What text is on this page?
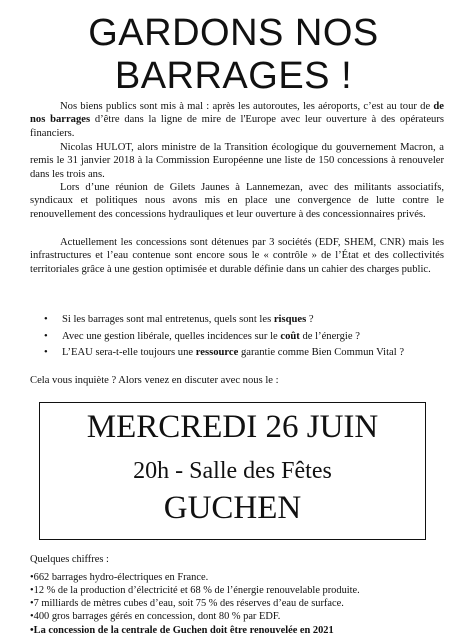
GARDONS NOS
BARRAGES !

Nos biens publics sont mis à mal : après les autoroutes, les aéroports, c’est au tour de de nos barrages d’être dans la ligne de mire de l'Europe avec leur ouverture à des opérateurs financiers.

Nicolas HULOT, alors ministre de la Transition écologique du gouvernement Macron, a remis le 31 janvier 2018 à la Commission Européenne une liste de 150 concessions à renouveler dans les trois ans.

Lors d’une réunion de Gilets Jaunes à Lannemezan, avec des militants associatifs, syndicaux et politiques nous avons mis en place une convergence de lutte contre le renouvellement des concessions hydrauliques et leur ouverture à des concessionnaires privés.

Actuellement les concessions sont détenues par 3 sociétés (EDF, SHEM, CNR) mais les infrastructures et l’eau contenue sont encore sous le « contrôle » de l’État et des collectivités territoriales grâce à une gestion optimisée et durable définie dans un cahier des charges public.

• Si les barrages sont mal entretenus, quels sont les risques ?
• Avec une gestion libérale, quelles incidences sur le coût de l’énergie ?
• L’EAU sera-t-elle toujours une ressource garantie comme Bien Commun Vital ?

Cela vous inquiète ? Alors venez en discuter avec nous le :

MERCREDI 26 JUIN
20h - Salle des Fêtes
GUCHEN

Quelques chiffres :

•662 barrages hydro-électriques en France.

•12 % de la production d’électricité et 68 % de l’énergie renouvelable produite.

•7 milliards de mètres cubes d’eau, soit 75 % des réserves d’eau de surface.

•400 gros barrages gérés en concession, dont 80 % par EDF.

•La concession de la centrale de Guchen doit être renouvelée en 2021
